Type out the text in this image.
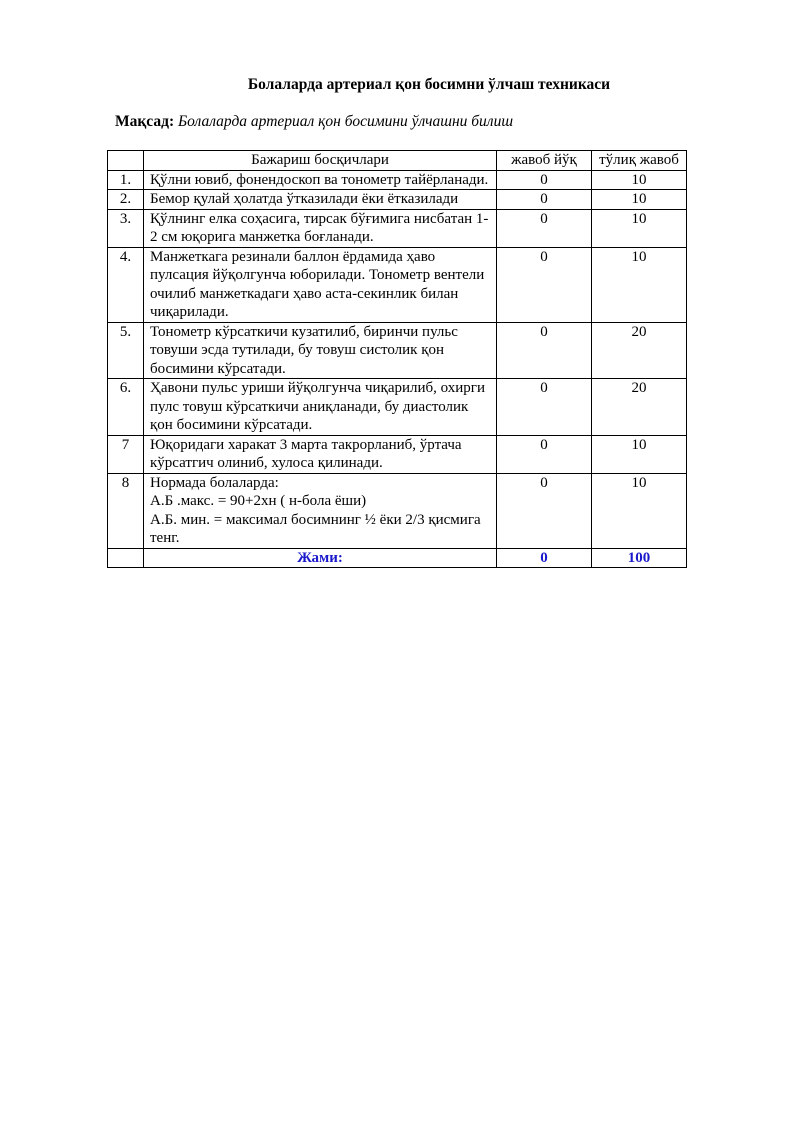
Болаларда артериал қон босимни ўлчаш техникаси
Мақсад: Болаларда артериал қон босимини ўлчашни билиш
	Бажариш босқичлари	жавоб йўқ	тўлиқ жавоб
1.	Қўлни ювиб, фонендоскоп ва тонометр тайёрланади.	0	10
2.	Бемор қулай ҳолатда ўтказилади ёки ётказилади	0	10
3.	Қўлнинг елка соҳасига, тирсак бўғимига нисбатан 1-2 см юқорига манжетка боғланади.	0	10
4.	Манжеткага резинали баллон ёрдамида ҳаво пулсация йўқолгунча юборилади. Тонометр вентели очилиб манжеткадаги ҳаво аста-секинлик билан чиқарилади.	0	10
5.	Тонометр кўрсаткичи кузатилиб, биринчи пульс товуши эсда тутилади, бу товуш систолик қон босимини кўрсатади.	0	20
6.	Ҳавони пульс уриши йўқолгунча чиқарилиб, охирги пулс товуш кўрсаткичи аниқланади, бу диастолик қон босимини кўрсатади.	0	20
7	Юқоридаги харакат 3 марта такрорланиб, ўртача кўрсатгич олиниб, хулоса қилинади.	0	10
8	Нормада болаларда:
А.Б .макс. = 90+2хн ( н-бола ёши)
А.Б. мин. = максимал босимнинг ½ ёки 2/3 қисмига тенг.	0	10
	Жами:	0	100
